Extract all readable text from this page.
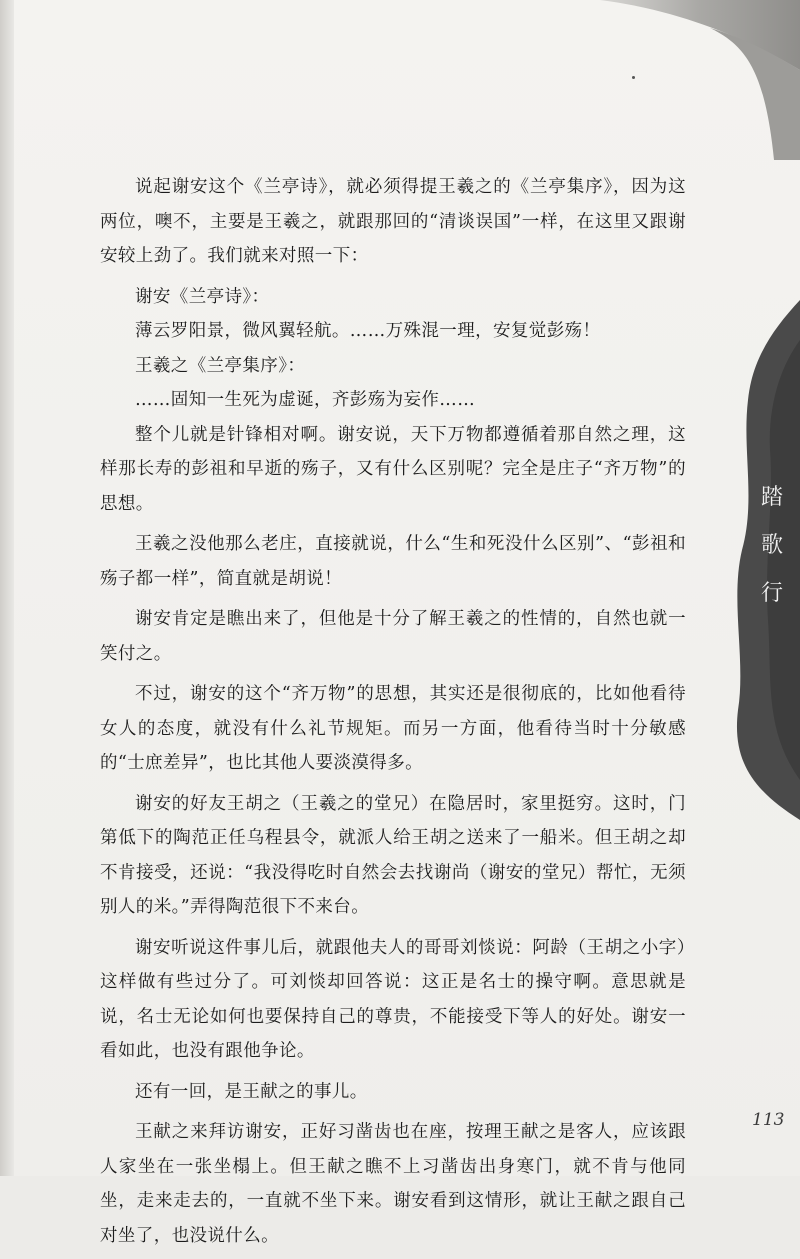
踏
歌
行

说起谢安这个《兰亭诗》，就必须得提王羲之的《兰亭集序》，因为这两位，噢不，主要是王羲之，就跟那回的“清谈误国”一样，在这里又跟谢安较上劲了。我们就来对照一下：

谢安《兰亭诗》：

薄云罗阳景，微风翼轻航。……万殊混一理，安复觉彭殇！

王羲之《兰亭集序》：

……固知一生死为虚诞，齐彭殇为妄作……

整个儿就是针锋相对啊。谢安说，天下万物都遵循着那自然之理，这样那长寿的彭祖和早逝的殇子，又有什么区别呢？完全是庄子“齐万物”的思想。

王羲之没他那么老庄，直接就说，什么“生和死没什么区别”、“彭祖和殇子都一样”，简直就是胡说！

谢安肯定是瞧出来了，但他是十分了解王羲之的性情的，自然也就一笑付之。

不过，谢安的这个“齐万物”的思想，其实还是很彻底的，比如他看待女人的态度，就没有什么礼节规矩。而另一方面，他看待当时十分敏感的“士庶差异”，也比其他人要淡漠得多。

谢安的好友王胡之（王羲之的堂兄）在隐居时，家里挺穷。这时，门第低下的陶范正任乌程县令，就派人给王胡之送来了一船米。但王胡之却不肯接受，还说：“我没得吃时自然会去找谢尚（谢安的堂兄）帮忙，无须别人的米。”弄得陶范很下不来台。

谢安听说这件事儿后，就跟他夫人的哥哥刘惔说：阿龄（王胡之小字）这样做有些过分了。可刘惔却回答说：这正是名士的操守啊。意思就是说，名士无论如何也要保持自己的尊贵，不能接受下等人的好处。谢安一看如此，也没有跟他争论。

还有一回，是王献之的事儿。

王献之来拜访谢安，正好习凿齿也在座，按理王献之是客人，应该跟人家坐在一张坐榻上。但王献之瞧不上习凿齿出身寒门，就不肯与他同坐，走来走去的，一直就不坐下来。谢安看到这情形，就让王献之跟自己对坐了，也没说什么。

113
